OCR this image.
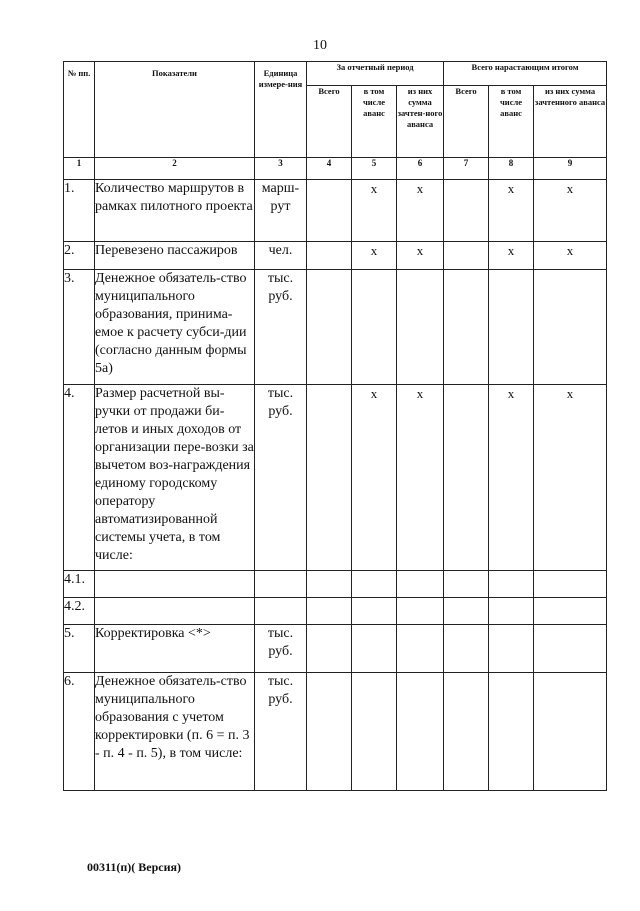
10
№ пп.	Показатели	Единица измере-ния	За отчетный период			Всего нарастающим итогом		
			Всего	в том числе аванс	из них сумма зачтен-ного аванса	Всего	в том числе аванс	из них сумма зачтенного аванса
1	2	3	4	5	6	7	8	9
1.	Количество маршрутов в рамках пилотного проекта	марш-рут		x	x		x	x
2.	Перевезено пассажиров	чел.		x	x		x	x
3.	Денежное обязатель-ство муниципального образования, принима-емое к расчету субси-дии (согласно данным формы 5а)	тыс. руб.						
4.	Размер расчетной вы-ручки от продажи би-летов и иных доходов от организации пере-возки за вычетом воз-награждения единому городскому оператору автоматизированной системы учета, в том числе:	тыс. руб.		x	x		x	x
4.1.								
4.2.								
5.	Корректировка <*>	тыс. руб.						
6.	Денежное обязатель-ство муниципального образования с учетом корректировки (п. 6 = п. 3 - п. 4 - п. 5), в том числе:	тыс. руб.						
00311(п)( Версия)
